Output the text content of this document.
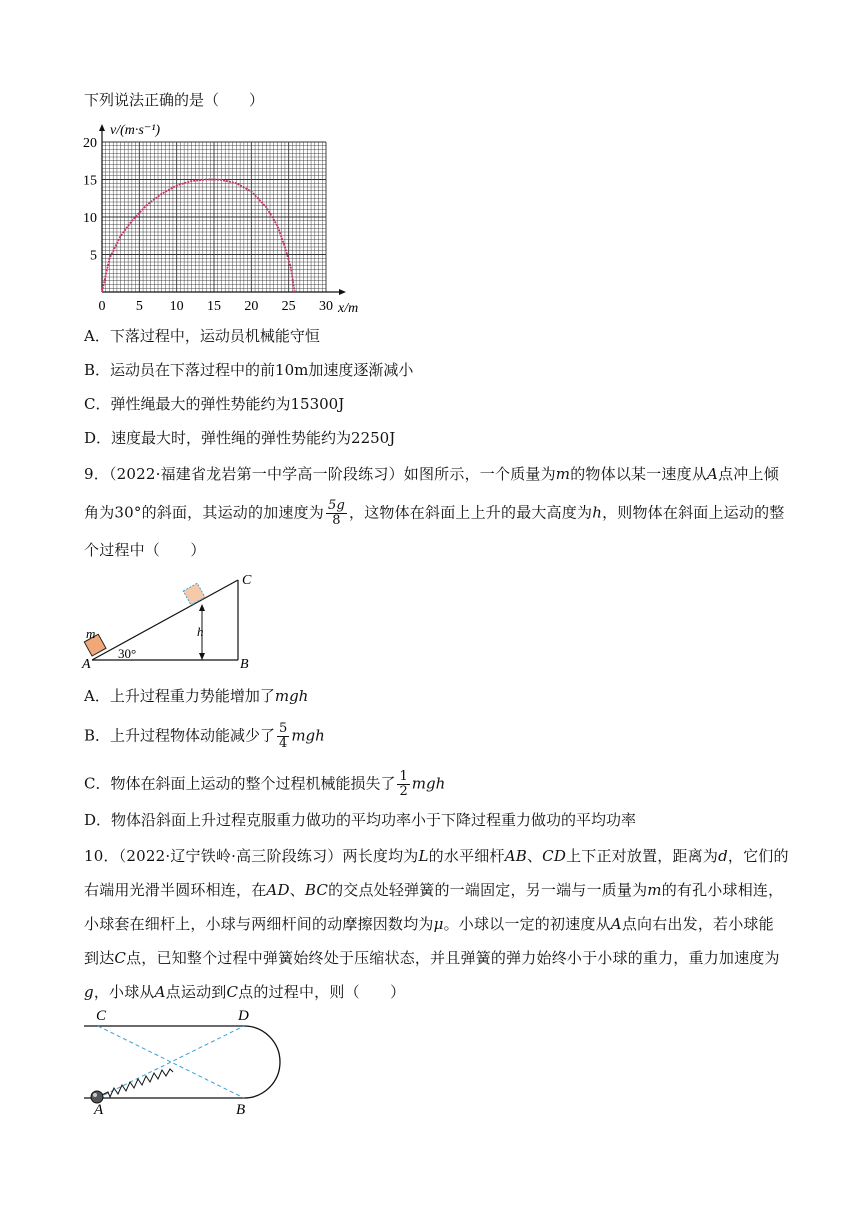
下列说法正确的是（　　）
0 5 10 15 20 25 30
5
10
15
20
v/(m·s⁻¹)
x/m
A．下落过程中，运动员机械能守恒
B．运动员在下落过程中的前10m加速度逐渐减小
C．弹性绳最大的弹性势能约为15300J
D．速度最大时，弹性绳的弹性势能约为2250J
9．（2022·福建省龙岩第一中学高一阶段练习）如图所示，一个质量为m的物体以某一速度从A点冲上倾
角为30°的斜面，其运动的加速度为 $\frac{5g}{8}$ ，这物体在斜面上上升的最大高度为h，则物体在斜面上运动的整
个过程中（　　）
C
h
m
A
30°
B
A．上升过程重力势能增加了mgh
B．上升过程物体动能减少了 $\frac{5}{4}$ mgh
C．物体在斜面上运动的整个过程机械能损失了 $\frac{1}{2}$ mgh
D．物体沿斜面上升过程克服重力做功的平均功率小于下降过程重力做功的平均功率
10．（2022·辽宁铁岭·高三阶段练习）两长度均为L的水平细杆AB、CD上下正对放置，距离为d，它们的
右端用光滑半圆环相连，在AD、BC的交点处轻弹簧的一端固定，另一端与一质量为m的有孔小球相连，
小球套在细杆上，小球与两细杆间的动摩擦因数均为μ。小球以一定的初速度从A点向右出发，若小球能
到达C点，已知整个过程中弹簧始终处于压缩状态，并且弹簧的弹力始终小于小球的重力，重力加速度为
g，小球从A点运动到C点的过程中，则（　　）
C	D
A	B
